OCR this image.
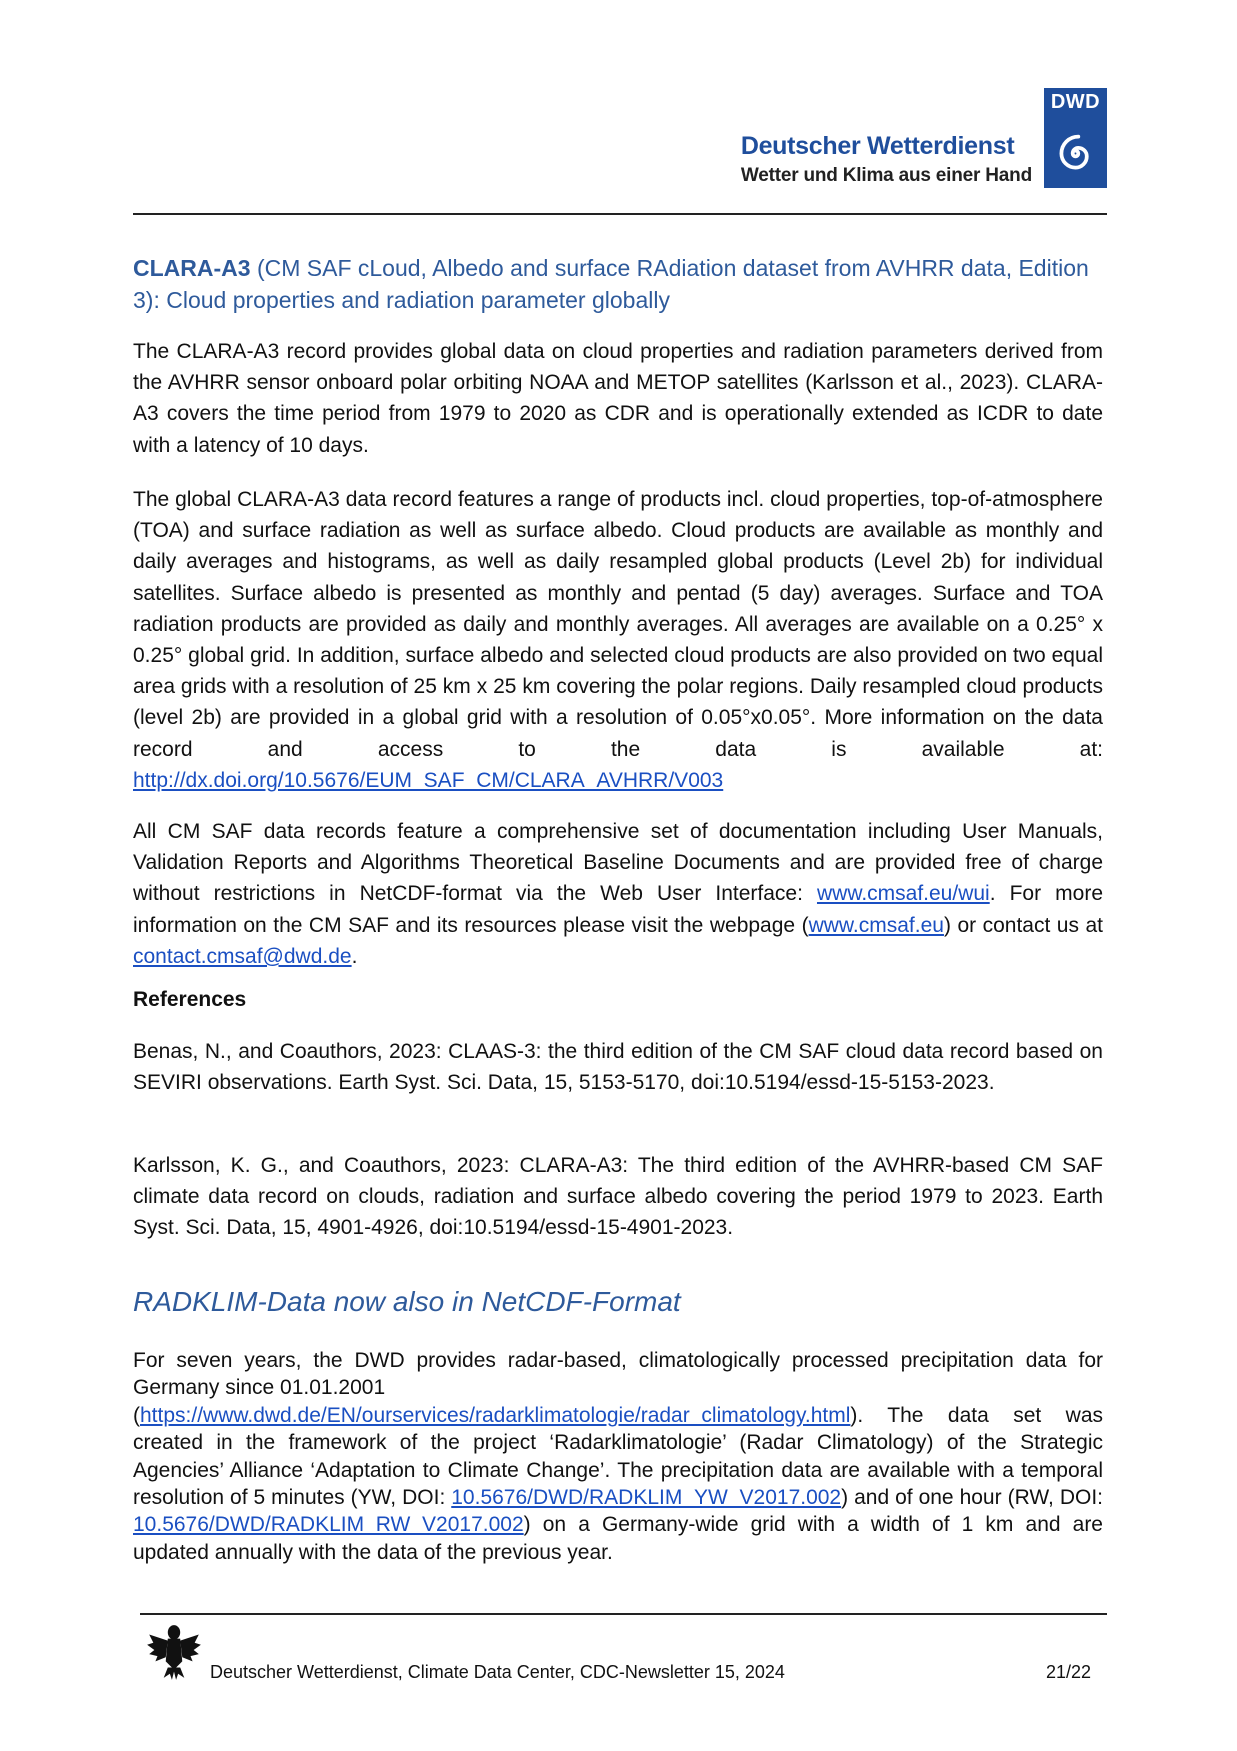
Deutscher Wetterdienst
Wetter und Klima aus einer Hand
DWD
CLARA-A3 (CM SAF cLoud, Albedo and surface RAdiation dataset from AVHRR data, Edition 3): Cloud properties and radiation parameter globally

The CLARA-A3 record provides global data on cloud properties and radiation parameters derived from the AVHRR sensor onboard polar orbiting NOAA and METOP satellites (Karlsson et al., 2023). CLARA-A3 covers the time period from 1979 to 2020 as CDR and is operationally extended as ICDR to date with a latency of 10 days.

The global CLARA-A3 data record features a range of products incl. cloud properties, top-of-atmosphere (TOA) and surface radiation as well as surface albedo. Cloud products are available as monthly and daily averages and histograms, as well as daily resampled global products (Level 2b) for individual satellites. Surface albedo is presented as monthly and pentad (5 day) averages. Surface and TOA radiation products are provided as daily and monthly averages. All averages are available on a 0.25° x 0.25° global grid. In addition, surface albedo and selected cloud products are also provided on two equal area grids with a resolution of 25 km x 25 km covering the polar regions. Daily resampled cloud products (level 2b) are provided in a global grid with a resolution of 0.05°x0.05°. More information on the data record and access to the data is available at: http://dx.doi.org/10.5676/EUM_SAF_CM/CLARA_AVHRR/V003

All CM SAF data records feature a comprehensive set of documentation including User Manuals, Validation Reports and Algorithms Theoretical Baseline Documents and are provided free of charge without restrictions in NetCDF-format via the Web User Interface: www.cmsaf.eu/wui. For more information on the CM SAF and its resources please visit the webpage (www.cmsaf.eu) or contact us at contact.cmsaf@dwd.de.

References

Benas, N., and Coauthors, 2023: CLAAS-3: the third edition of the CM SAF cloud data record based on SEVIRI observations. Earth Syst. Sci. Data, 15, 5153-5170, doi:10.5194/essd-15-5153-2023.

Karlsson, K. G., and Coauthors, 2023: CLARA-A3: The third edition of the AVHRR-based CM SAF climate data record on clouds, radiation and surface albedo covering the period 1979 to 2023. Earth Syst. Sci. Data, 15, 4901-4926, doi:10.5194/essd-15-4901-2023.

RADKLIM-Data now also in NetCDF-Format

For seven years, the DWD provides radar-based, climatologically processed precipitation data for Germany since 01.01.2001
(https://www.dwd.de/EN/ourservices/radarklimatologie/radar_climatology.html). The data set was created in the framework of the project ‘Radarklimatologie’ (Radar Climatology) of the Strategic Agencies’ Alliance ‘Adaptation to Climate Change’. The precipitation data are available with a temporal resolution of 5 minutes (YW, DOI: 10.5676/DWD/RADKLIM_YW_V2017.002) and of one hour (RW, DOI: 10.5676/DWD/RADKLIM_RW_V2017.002) on a Germany-wide grid with a width of 1 km and are updated annually with the data of the previous year.

Deutscher Wetterdienst, Climate Data Center, CDC-Newsletter 15, 2024	21/22
